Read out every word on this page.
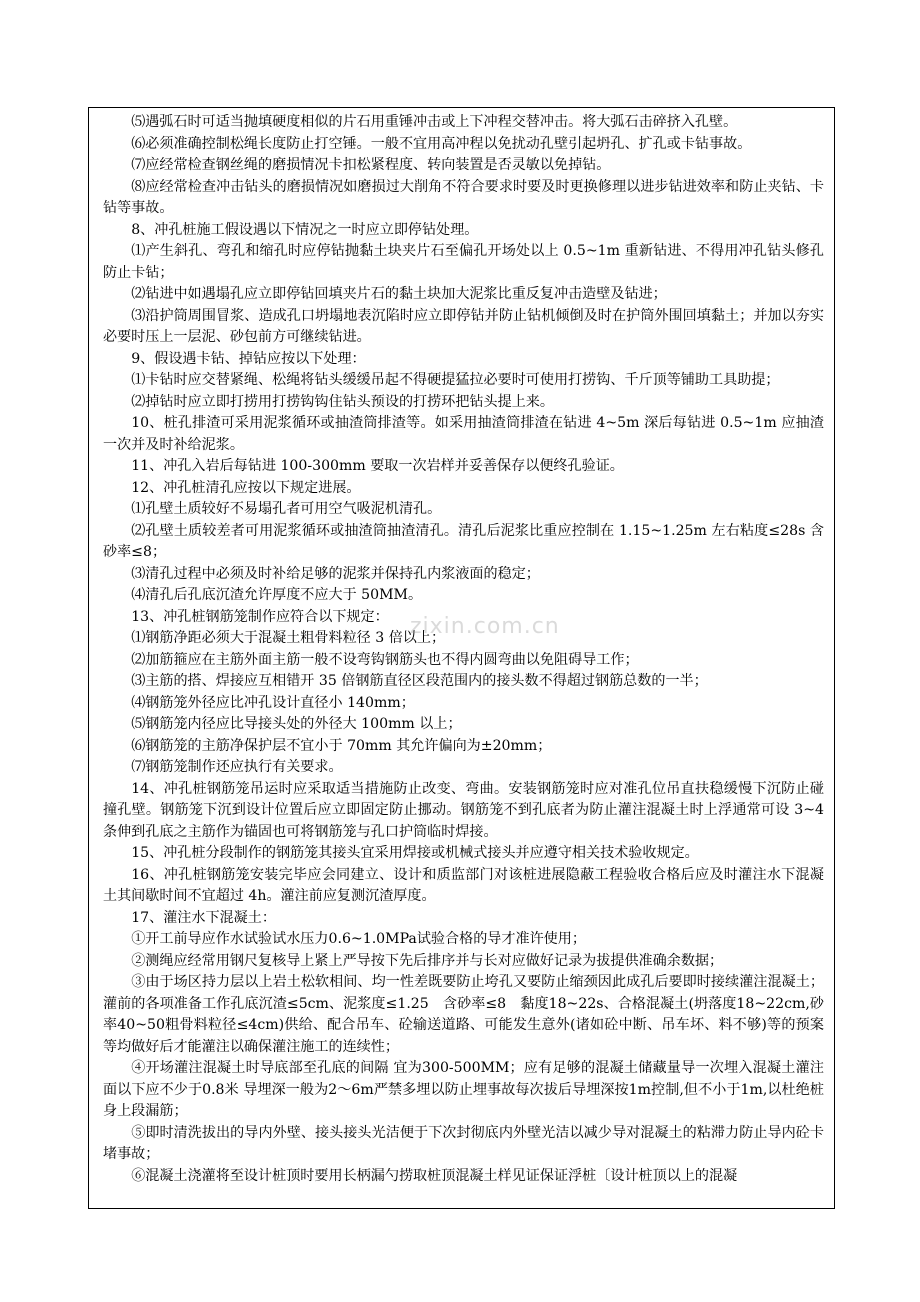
⑸遇弧石时可适当抛填硬度相似的片石用重锤冲击或上下冲程交替冲击。将大弧石击碎挤入孔壁。

⑹必须准确控制松绳长度防止打空锤。一般不宜用高冲程以免扰动孔壁引起坍孔、扩孔或卡钻事故。

⑺应经常检查钢丝绳的磨损情况卡扣松紧程度、转向装置是否灵敏以免掉钻。

⑻应经常检查冲击钻头的磨损情况如磨损过大削角不符合要求时要及时更换修理以进步钻进效率和防止夹钻、卡钻等事故。

8、冲孔桩施工假设遇以下情况之一时应立即停钻处理。

⑴产生斜孔、弯孔和缩孔时应停钻抛黏土块夹片石至偏孔开场处以上 0.5~1m 重新钻进、不得用冲孔钻头修孔防止卡钻；

⑵钻进中如遇塌孔应立即停钻回填夹片石的黏土块加大泥浆比重反复冲击造壁及钻进；

⑶沿护筒周围冒浆、造成孔口坍塌地表沉陷时应立即停钻并防止钻机倾倒及时在护筒外围回填黏土；并加以夯实必要时压上一层泥、砂包前方可继续钻进。

9、假设遇卡钻、掉钻应按以下处理：

⑴卡钻时应交替紧绳、松绳将钻头缓缓吊起不得硬提猛拉必要时可使用打捞钩、千斤顶等铺助工具助提；

⑵掉钻时应立即打捞用打捞钩钩住钻头预设的打捞环把钻头提上来。

10、桩孔排渣可采用泥浆循环或抽渣筒排渣等。如采用抽渣筒排渣在钻进 4~5m 深后每钻进 0.5~1m 应抽渣一次并及时补给泥浆。

11、冲孔入岩后每钻进 100-300mm 要取一次岩样并妥善保存以便终孔验证。

12、冲孔桩清孔应按以下规定进展。

⑴孔壁土质较好不易塌孔者可用空气吸泥机清孔。

⑵孔壁土质较差者可用泥浆循环或抽渣筒抽渣清孔。清孔后泥浆比重应控制在 1.15~1.25m 左右粘度≤28s 含砂率≤8；

⑶清孔过程中必须及时补给足够的泥浆并保持孔内浆液面的稳定；

⑷清孔后孔底沉渣允许厚度不应大于 50MM。

13、冲孔桩钢筋笼制作应符合以下规定：

⑴钢筋净距必须大于混凝土粗骨料粒径 3 倍以上；

⑵加筋箍应在主筋外面主筋一般不设弯钩钢筋头也不得内圆弯曲以免阻碍导工作；

⑶主筋的搭、焊接应互相错开 35 倍钢筋直径区段范围内的接头数不得超过钢筋总数的一半；

⑷钢筋笼外径应比冲孔设计直径小 140mm；

⑸钢筋笼内径应比导接头处的外径大 100mm 以上；

⑹钢筋笼的主筋净保护层不宜小于 70mm 其允许偏向为±20mm；

⑺钢筋笼制作还应执行有关要求。

14、冲孔桩钢筋笼吊运时应采取适当措施防止改变、弯曲。安装钢筋笼时应对准孔位吊直扶稳缓慢下沉防止碰撞孔壁。钢筋笼下沉到设计位置后应立即固定防止挪动。钢筋笼不到孔底者为防止灌注混凝土时上浮通常可设 3~4 条伸到孔底之主筋作为锚固也可将钢筋笼与孔口护筒临时焊接。

15、冲孔桩分段制作的钢筋笼其接头宜采用焊接或机械式接头并应遵守相关技术验收规定。

16、冲孔桩钢筋笼安装完毕应会同建立、设计和质监部门对该桩进展隐蔽工程验收合格后应及时灌注水下混凝土其间歇时间不宜超过 4h。灌注前应复测沉渣厚度。

17、灌注水下混凝土：

①开工前导应作水试验试水压力0.6~1.0MPa试验合格的导才准许使用；

②测绳应经常用钢尺复核导上紧上严导按下先后排序并与长对应做好记录为拔提供准确余数据；

③由于场区持力层以上岩土松软相间、均一性差既要防止垮孔又要防止缩颈因此成孔后要即时接续灌注混凝土；灌前的各项准备工作孔底沉渣≤5cm、泥浆度≤1.25　含砂率≤8　黏度18~22s、合格混凝土(坍落度18~22cm,砂率40~50粗骨料粒径≤4cm)供给、配合吊车、砼输送道路、可能发生意外(诸如砼中断、吊车坏、料不够)等的预案等均做好后才能灌注以确保灌注施工的连续性；

④开场灌注混凝土时导底部至孔底的间隔 宜为300-500MM；应有足够的混凝土储藏量导一次埋入混凝土灌注面以下应不少于0.8米 导埋深一般为2～6m严禁多埋以防止埋事故每次拔后导埋深按1m控制,但不小于1m,以杜绝桩身上段漏筋；

⑤即时清洗拔出的导内外壁、接头接头光洁便于下次封彻底内外壁光洁以减少导对混凝土的粘滞力防止导内砼卡堵事故；

⑥混凝土浇灌将至设计桩顶时要用长柄漏勺捞取桩顶混凝土样见证保证浮桩〔设计桩顶以上的混凝

zixin.com.cn
